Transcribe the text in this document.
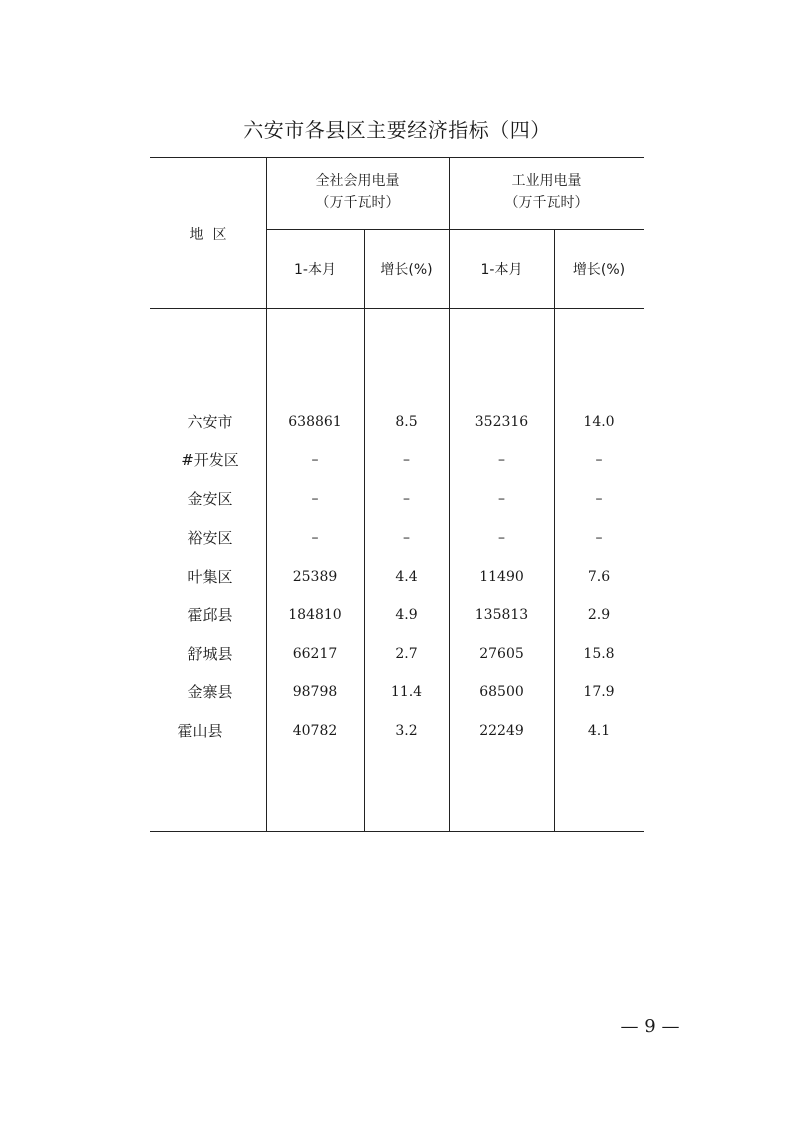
六安市各县区主要经济指标（四）
地  区
全社会用电量
（万千瓦时）
工业用电量
（万千瓦时）
1-本月	增长(%)	1-本月	增长(%)
六安市	638861	8.5	352316	14.0
#开发区	–	–	–	–
金安区	–	–	–	–
裕安区	–	–	–	–
叶集区	25389	4.4	11490	7.6
霍邱县	184810	4.9	135813	2.9
舒城县	66217	2.7	27605	15.8
金寨县	98798	11.4	68500	17.9
霍山县	40782	3.2	22249	4.1
— 9 —
